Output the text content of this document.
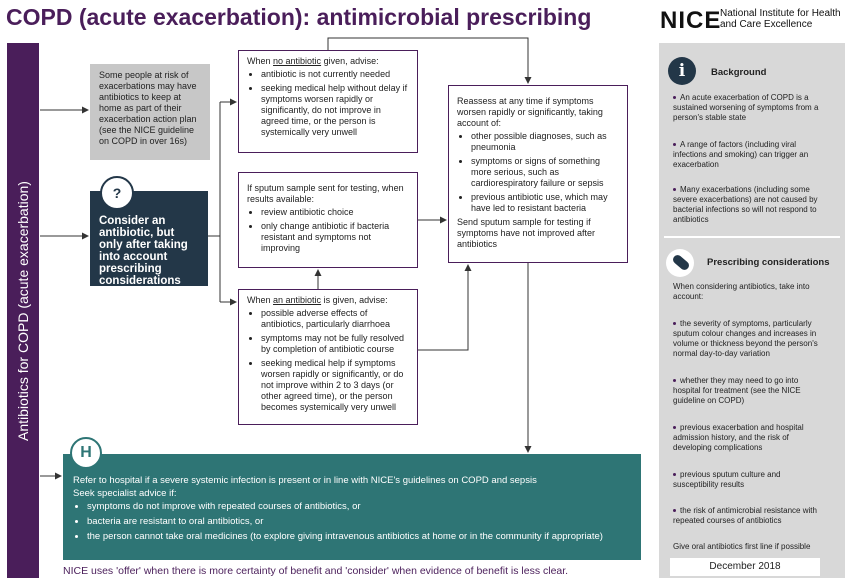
COPD (acute exacerbation): antimicrobial prescribing	NICE
National Institute for Health and Care Excellence
Antibiotics for COPD (acute exacerbation)
Some people at risk of exacerbations may have antibiotics to keep at home as part of their exacerbation action plan (see the NICE guideline on COPD in over 16s)
Consider an antibiotic, but only after taking into account prescribing considerations
?
When no antibiotic given, advise:
• antibiotic is not currently needed
• seeking medical help without delay if symptoms worsen rapidly or significantly, do not improve in agreed time, or the person is systemically very unwell
If sputum sample sent for testing, when results available:
• review antibiotic choice
• only change antibiotic if bacteria resistant and symptoms not improving
When an antibiotic is given, advise:
• possible adverse effects of antibiotics, particularly diarrhoea
• symptoms may not be fully resolved by completion of antibiotic course
• seeking medical help if symptoms worsen rapidly or significantly, or do not improve within 2 to 3 days (or other agreed time), or the person becomes systemically very unwell
Reassess at any time if symptoms worsen rapidly or significantly, taking account of:
• other possible diagnoses, such as pneumonia
• symptoms or signs of something more serious, such as cardiorespiratory failure or sepsis
• previous antibiotic use, which may have led to resistant bacteria
Send sputum sample for testing if symptoms have not improved after antibiotics
Refer to hospital if a severe systemic infection is present or in line with NICE's guidelines on COPD and sepsis
Seek specialist advice if:
• symptoms do not improve with repeated courses of antibiotics, or
• bacteria are resistant to oral antibiotics, or
• the person cannot take oral medicines (to explore giving intravenous antibiotics at home or in the community if appropriate)
H
NICE uses 'offer' when there is more certainty of benefit and 'consider' when evidence of benefit is less clear.
i	Background
An acute exacerbation of COPD is a sustained worsening of symptoms from a person's stable state
A range of factors (including viral infections and smoking) can trigger an exacerbation
Many exacerbations (including some severe exacerbations) are not caused by bacterial infections so will not respond to antibiotics
Prescribing considerations
When considering antibiotics, take into account:
the severity of symptoms, particularly sputum colour changes and increases in volume or thickness beyond the person's normal day-to-day variation
whether they may need to go into hospital for treatment (see the NICE guideline on COPD)
previous exacerbation and hospital admission history, and the risk of developing complications
previous sputum culture and susceptibility results
the risk of antimicrobial resistance with repeated courses of antibiotics
Give oral antibiotics first line if possible
December 2018
